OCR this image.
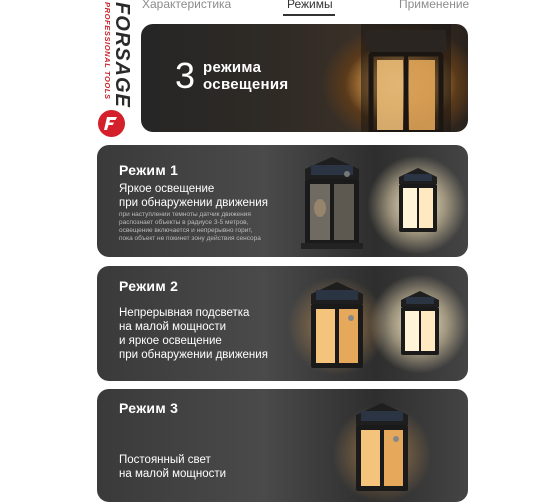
Характеристика	Режимы	Применение
FORSAGE
PROFESSIONAL TOOLS 3 режима
освещения
Режим 1
Яркое освещение
при обнаружении движения
при наступлении темноты датчик движения
распознает объекты в радиусе 3-5 метров,
освещение включается и непрерывно горит,
пока объект не покинет зону действия сенсора
Режим 2
Непрерывная подсветка
на малой мощности
и яркое освещение
при обнаружении движения
Режим 3
Постоянный свет
на малой мощности
